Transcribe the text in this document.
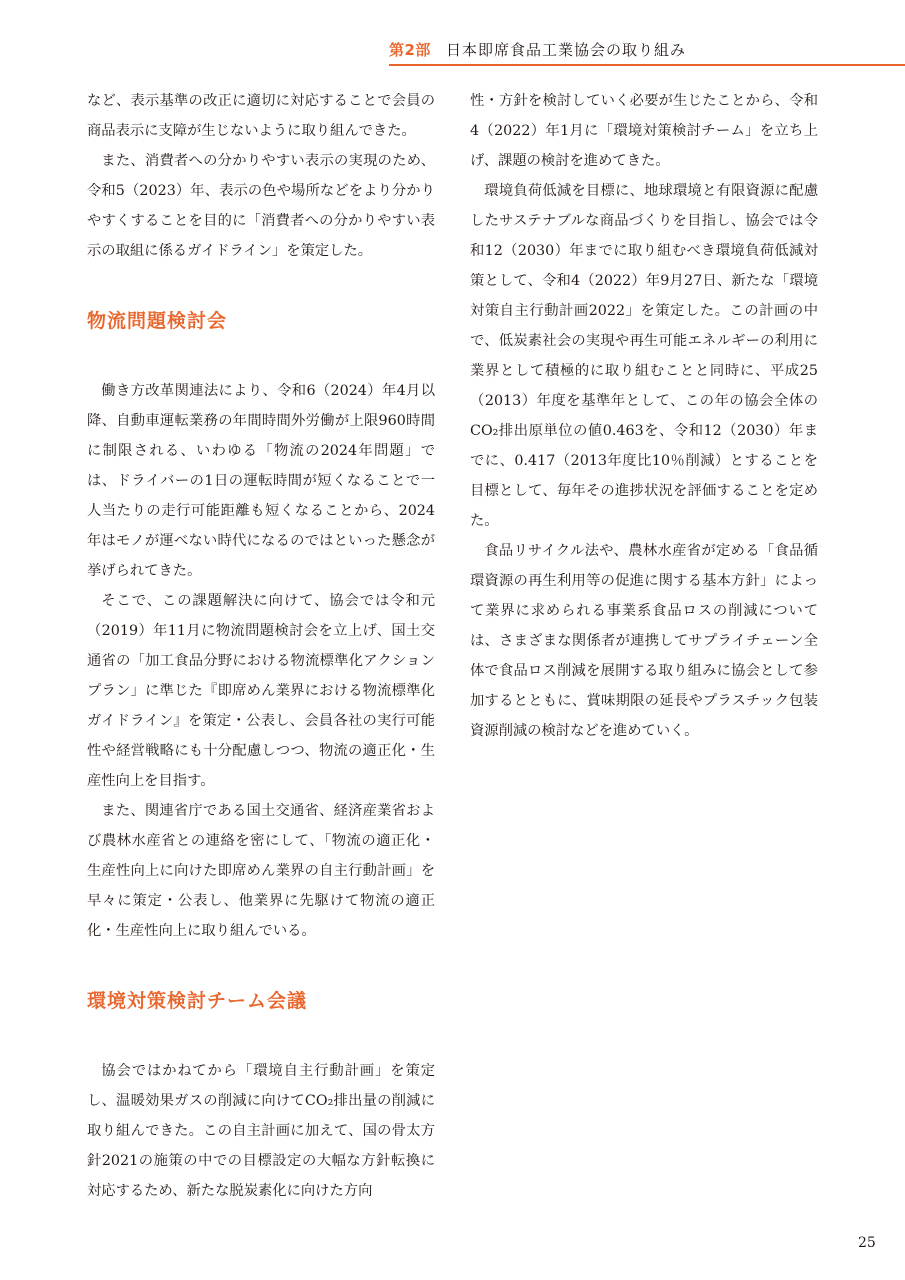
第2部 日本即席食品工業協会の取り組み

など、表示基準の改正に適切に対応することで会員の商品表示に支障が生じないように取り組んできた。

また、消費者への分かりやすい表示の実現のため、令和5（2023）年、表示の色や場所などをより分かりやすくすることを目的に「消費者への分かりやすい表示の取組に係るガイドライン」を策定した。

物流問題検討会

働き方改革関連法により、令和6（2024）年4月以降、自動車運転業務の年間時間外労働が上限960時間に制限される、いわゆる「物流の2024年問題」では、ドライバーの1日の運転時間が短くなることで一人当たりの走行可能距離も短くなることから、2024年はモノが運べない時代になるのではといった懸念が挙げられてきた。

そこで、この課題解決に向けて、協会では令和元（2019）年11月に物流問題検討会を立上げ、国土交通省の「加工食品分野における物流標準化アクションプラン」に準じた『即席めん業界における物流標準化ガイドライン』を策定・公表し、会員各社の実行可能性や経営戦略にも十分配慮しつつ、物流の適正化・生産性向上を目指す。

また、関連省庁である国土交通省、経済産業省および農林水産省との連絡を密にして、「物流の適正化・生産性向上に向けた即席めん業界の自主行動計画」を早々に策定・公表し、他業界に先駆けて物流の適正化・生産性向上に取り組んでいる。

環境対策検討チーム会議

協会ではかねてから「環境自主行動計画」を策定し、温暖効果ガスの削減に向けてCO₂排出量の削減に取り組んできた。この自主計画に加えて、国の骨太方針2021の施策の中での目標設定の大幅な方針転換に対応するため、新たな脱炭素化に向けた方向

性・方針を検討していく必要が生じたことから、令和4（2022）年1月に「環境対策検討チーム」を立ち上げ、課題の検討を進めてきた。

環境負荷低減を目標に、地球環境と有限資源に配慮したサステナブルな商品づくりを目指し、協会では令和12（2030）年までに取り組むべき環境負荷低減対策として、令和4（2022）年9月27日、新たな「環境対策自主行動計画2022」を策定した。この計画の中で、低炭素社会の実現や再生可能エネルギーの利用に業界として積極的に取り組むことと同時に、平成25（2013）年度を基準年として、この年の協会全体のCO₂排出原単位の値0.463を、令和12（2030）年までに、0.417（2013年度比10％削減）とすることを目標として、毎年その進捗状況を評価することを定めた。

食品リサイクル法や、農林水産省が定める「食品循環資源の再生利用等の促進に関する基本方針」によって業界に求められる事業系食品ロスの削減については、さまざまな関係者が連携してサプライチェーン全体で食品ロス削減を展開する取り組みに協会として参加するとともに、賞味期限の延長やプラスチック包装資源削減の検討などを進めていく。

25
